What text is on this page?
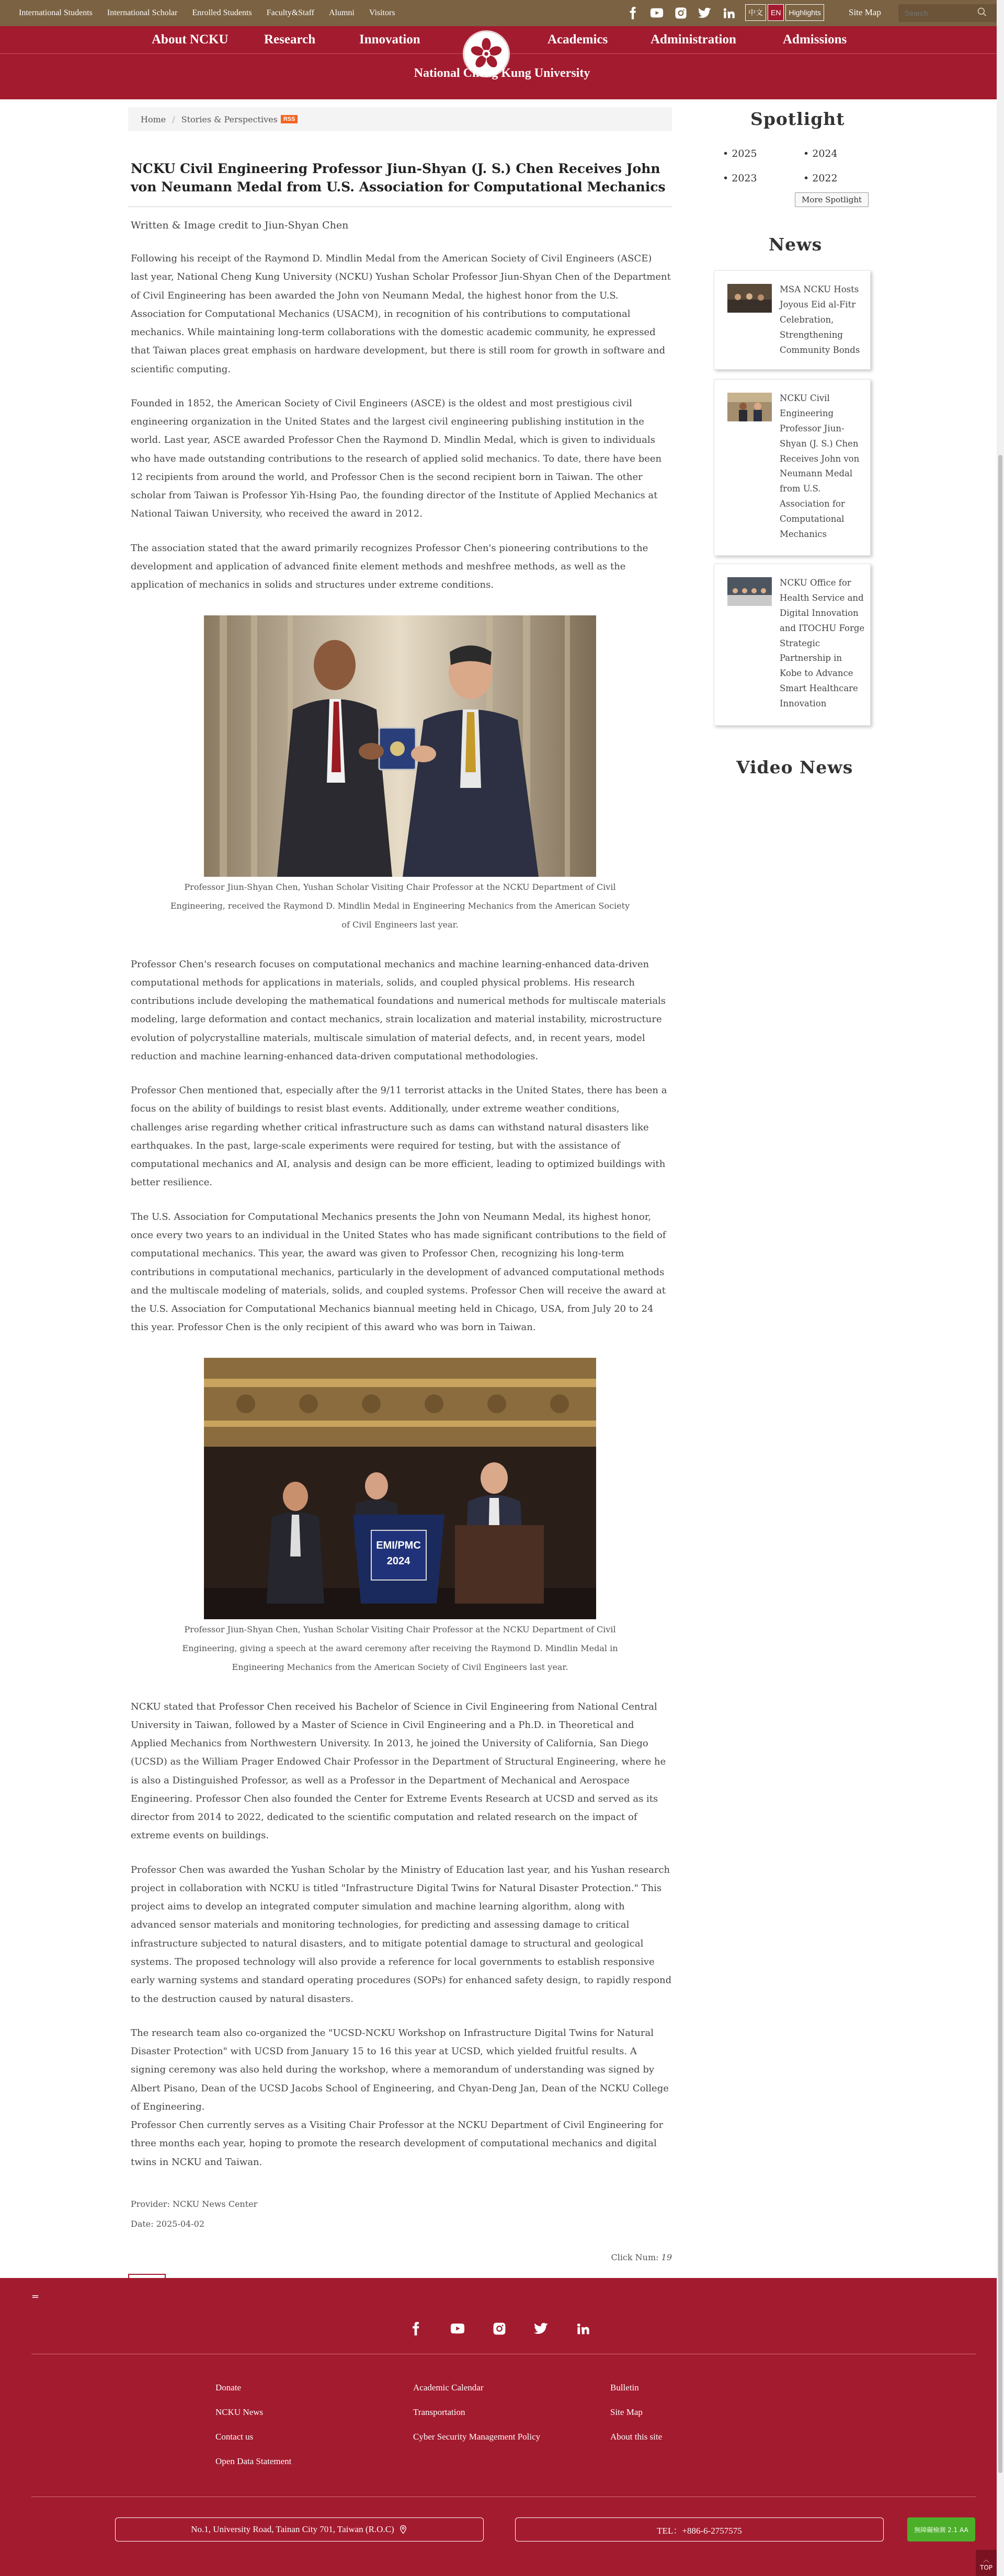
International Students	International Scholar	Enrolled Students	Faculty&Staff	Alumni	Visitors	中文	EN	Highlights	Site Map
Search
About NCKU	Research	Innovation	Academics	Administration	Admissions
National Cheng Kung University
Home / Stories & Perspectives	RSS
NCKU Civil Engineering Professor Jiun-Shyan (J. S.) Chen Receives John von Neumann Medal from U.S. Association for Computational Mechanics
Written & Image credit to Jiun-Shyan Chen

Following his receipt of the Raymond D. Mindlin Medal from the American Society of Civil Engineers (ASCE) last year, National Cheng Kung University (NCKU) Yushan Scholar Professor Jiun-Shyan Chen of the Department of Civil Engineering has been awarded the John von Neumann Medal, the highest honor from the U.S. Association for Computational Mechanics (USACM), in recognition of his contributions to computational mechanics. While maintaining long-term collaborations with the domestic academic community, he expressed that Taiwan places great emphasis on hardware development, but there is still room for growth in software and scientific computing.

Founded in 1852, the American Society of Civil Engineers (ASCE) is the oldest and most prestigious civil engineering organization in the United States and the largest civil engineering publishing institution in the world. Last year, ASCE awarded Professor Chen the Raymond D. Mindlin Medal, which is given to individuals who have made outstanding contributions to the research of applied solid mechanics. To date, there have been 12 recipients from around the world, and Professor Chen is the second recipient born in Taiwan. The other scholar from Taiwan is Professor Yih-Hsing Pao, the founding director of the Institute of Applied Mechanics at National Taiwan University, who received the award in 2012.

The association stated that the award primarily recognizes Professor Chen's pioneering contributions to the development and application of advanced finite element methods and meshfree methods, as well as the application of mechanics in solids and structures under extreme conditions.

Professor Jiun-Shyan Chen, Yushan Scholar Visiting Chair Professor at the NCKU Department of Civil Engineering, received the Raymond D. Mindlin Medal in Engineering Mechanics from the American Society of Civil Engineers last year.

Professor Chen's research focuses on computational mechanics and machine learning-enhanced data-driven computational methods for applications in materials, solids, and coupled physical problems. His research contributions include developing the mathematical foundations and numerical methods for multiscale materials modeling, large deformation and contact mechanics, strain localization and material instability, microstructure evolution of polycrystalline materials, multiscale simulation of material defects, and, in recent years, model reduction and machine learning-enhanced data-driven computational methodologies.

Professor Chen mentioned that, especially after the 9/11 terrorist attacks in the United States, there has been a focus on the ability of buildings to resist blast events. Additionally, under extreme weather conditions, challenges arise regarding whether critical infrastructure such as dams can withstand natural disasters like earthquakes. In the past, large-scale experiments were required for testing, but with the assistance of computational mechanics and AI, analysis and design can be more efficient, leading to optimized buildings with better resilience.

The U.S. Association for Computational Mechanics presents the John von Neumann Medal, its highest honor, once every two years to an individual in the United States who has made significant contributions to the field of computational mechanics. This year, the award was given to Professor Chen, recognizing his long-term contributions in computational mechanics, particularly in the development of advanced computational methods and the multiscale modeling of materials, solids, and coupled systems. Professor Chen will receive the award at the U.S. Association for Computational Mechanics biannual meeting held in Chicago, USA, from July 20 to 24 this year. Professor Chen is the only recipient of this award who was born in Taiwan.

EMI/PMC
2024
Professor Jiun-Shyan Chen, Yushan Scholar Visiting Chair Professor at the NCKU Department of Civil Engineering, giving a speech at the award ceremony after receiving the Raymond D. Mindlin Medal in Engineering Mechanics from the American Society of Civil Engineers last year.

NCKU stated that Professor Chen received his Bachelor of Science in Civil Engineering from National Central University in Taiwan, followed by a Master of Science in Civil Engineering and a Ph.D. in Theoretical and Applied Mechanics from Northwestern University. In 2013, he joined the University of California, San Diego (UCSD) as the William Prager Endowed Chair Professor in the Department of Structural Engineering, where he is also a Distinguished Professor, as well as a Professor in the Department of Mechanical and Aerospace Engineering. Professor Chen also founded the Center for Extreme Events Research at UCSD and served as its director from 2014 to 2022, dedicated to the scientific computation and related research on the impact of extreme events on buildings.

Professor Chen was awarded the Yushan Scholar by the Ministry of Education last year, and his Yushan research project in collaboration with NCKU is titled "Infrastructure Digital Twins for Natural Disaster Protection." This project aims to develop an integrated computer simulation and machine learning algorithm, along with advanced sensor materials and monitoring technologies, for predicting and assessing damage to critical infrastructure subjected to natural disasters, and to mitigate potential damage to structural and geological systems. The proposed technology will also provide a reference for local governments to establish responsive early warning systems and standard operating procedures (SOPs) for enhanced safety design, to rapidly respond to the destruction caused by natural disasters.

The research team also co-organized the "UCSD-NCKU Workshop on Infrastructure Digital Twins for Natural Disaster Protection" with UCSD from January 15 to 16 this year at UCSD, which yielded fruitful results. A signing ceremony was also held during the workshop, where a memorandum of understanding was signed by Albert Pisano, Dean of the UCSD Jacobs School of Engineering, and Chyan-Deng Jan, Dean of the NCKU College of Engineering.
Professor Chen currently serves as a Visiting Chair Professor at the NCKU Department of Civil Engineering for three months each year, hoping to promote the research development of computational mechanics and digital twins in NCKU and Taiwan.

Provider: NCKU News Center
Date: 2025-04-02
Click Num: 19
Spotlight
• 2025	• 2024
• 2023	• 2022
More Spotlight
News
MSA NCKU Hosts Joyous Eid al-Fitr Celebration, Strengthening Community Bonds
NCKU Civil Engineering Professor Jiun-Shyan (J. S.) Chen Receives John von Neumann Medal from U.S. Association for Computational Mechanics
NCKU Office for Health Service and Digital Innovation and ITOCHU Forge Strategic Partnership in Kobe to Advance Smart Healthcare Innovation
Video News
=
Donate
NCKU News
Contact us
Open Data Statement
Academic Calendar
Transportation
Cyber Security Management Policy
Bulletin
Site Map
About this site
No.1, University Road, Tainan City 701, Taiwan (R.O.C)	TEL：+886-6-2757575	無障礙檢測 2.1 AA
︿
TOP
